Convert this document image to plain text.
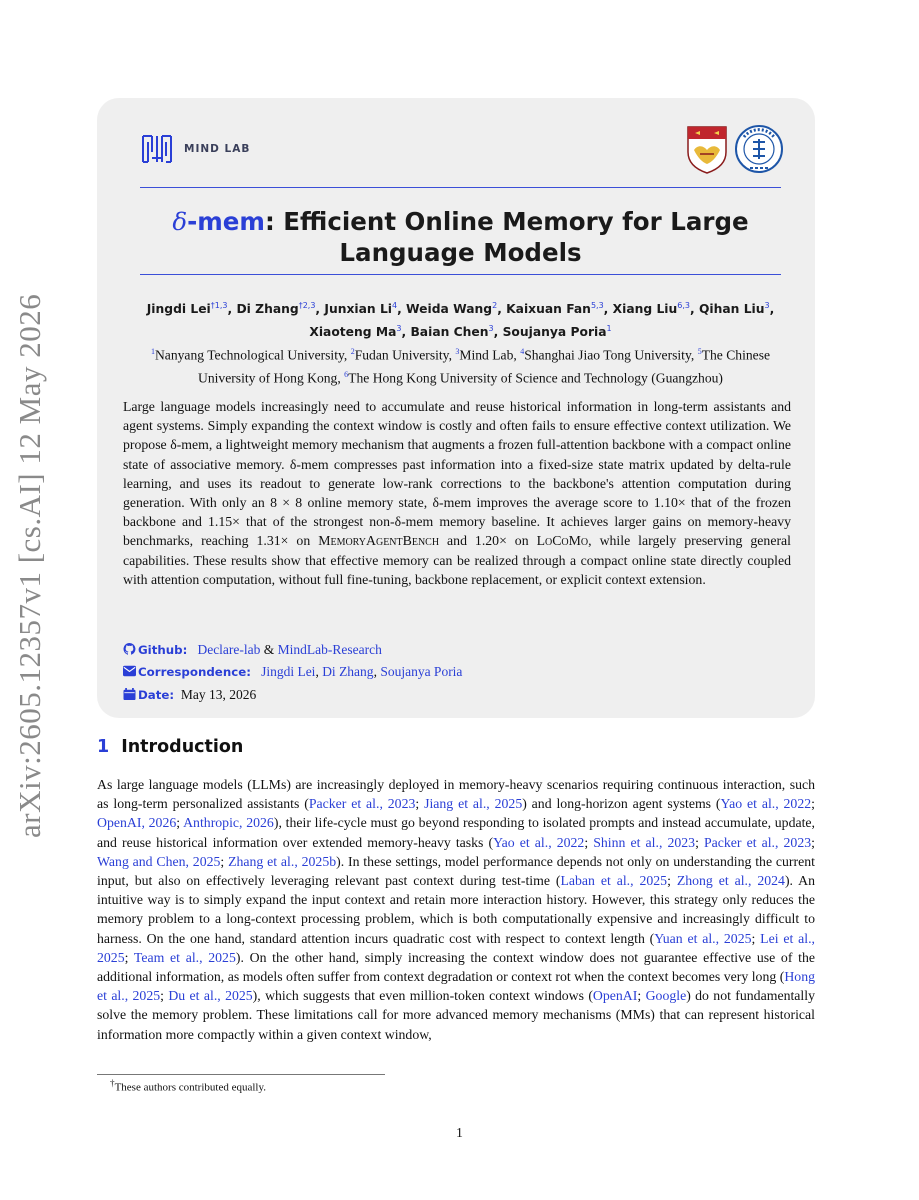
arXiv:2605.12357v1 [cs.AI] 12 May 2026
MIND LAB
δ-mem: Efficient Online Memory for Large Language Models
Jingdi Lei$^{\dagger 1,3}$, Di Zhang$^{\dagger 2,3}$, Junxian Li$^4$, Weida Wang$^2$, Kaixuan Fan$^{5,3}$, Xiang Liu$^{6,3}$, Qihan Liu$^3$,
Xiaoteng Ma$^3$, Baian Chen$^3$, Soujanya Poria$^1$
$^1$Nanyang Technological University, $^2$Fudan University, $^3$Mind Lab, $^4$Shanghai Jiao Tong University, $^5$The Chinese University of Hong Kong, $^6$The Hong Kong University of Science and Technology (Guangzhou)
Large language models increasingly need to accumulate and reuse historical information in long-term assistants and agent systems. Simply expanding the context window is costly and often fails to ensure effective context utilization. We propose δ-mem, a lightweight memory mechanism that augments a frozen full-attention backbone with a compact online state of associative memory. δ-mem compresses past information into a fixed-size state matrix updated by delta-rule learning, and uses its readout to generate low-rank corrections to the backbone's attention computation during generation. With only an 8 × 8 online memory state, δ-mem improves the average score to 1.10× that of the frozen backbone and 1.15× that of the strongest non-δ-mem memory baseline. It achieves larger gains on memory-heavy benchmarks, reaching 1.31× on MemoryAgentBench and 1.20× on LoCoMo, while largely preserving general capabilities. These results show that effective memory can be realized through a compact online state directly coupled with attention computation, without full fine-tuning, backbone replacement, or explicit context extension.
Github: Declare-lab & MindLab-Research
Correspondence: Jingdi Lei, Di Zhang, Soujanya Poria
Date: May 13, 2026
1 Introduction
As large language models (LLMs) are increasingly deployed in memory-heavy scenarios requiring continuous interaction, such as long-term personalized assistants (Packer et al., 2023; Jiang et al., 2025) and long-horizon agent systems (Yao et al., 2022; OpenAI, 2026; Anthropic, 2026), their life-cycle must go beyond responding to isolated prompts and instead accumulate, update, and reuse historical information over extended memory-heavy tasks (Yao et al., 2022; Shinn et al., 2023; Packer et al., 2023; Wang and Chen, 2025; Zhang et al., 2025b). In these settings, model performance depends not only on understanding the current input, but also on effectively leveraging relevant past context during test-time (Laban et al., 2025; Zhong et al., 2024). An intuitive way is to simply expand the input context and retain more interaction history. However, this strategy only reduces the memory problem to a long-context processing problem, which is both computationally expensive and increasingly difficult to harness. On the one hand, standard attention incurs quadratic cost with respect to context length (Yuan et al., 2025; Lei et al., 2025; Team et al., 2025). On the other hand, simply increasing the context window does not guarantee effective use of the additional information, as models often suffer from context degradation or context rot when the context becomes very long (Hong et al., 2025; Du et al., 2025), which suggests that even million-token context windows (OpenAI; Google) do not fundamentally solve the memory problem. These limitations call for more advanced memory mechanisms (MMs) that can represent historical information more compactly within a given context window,
†These authors contributed equally.
1
